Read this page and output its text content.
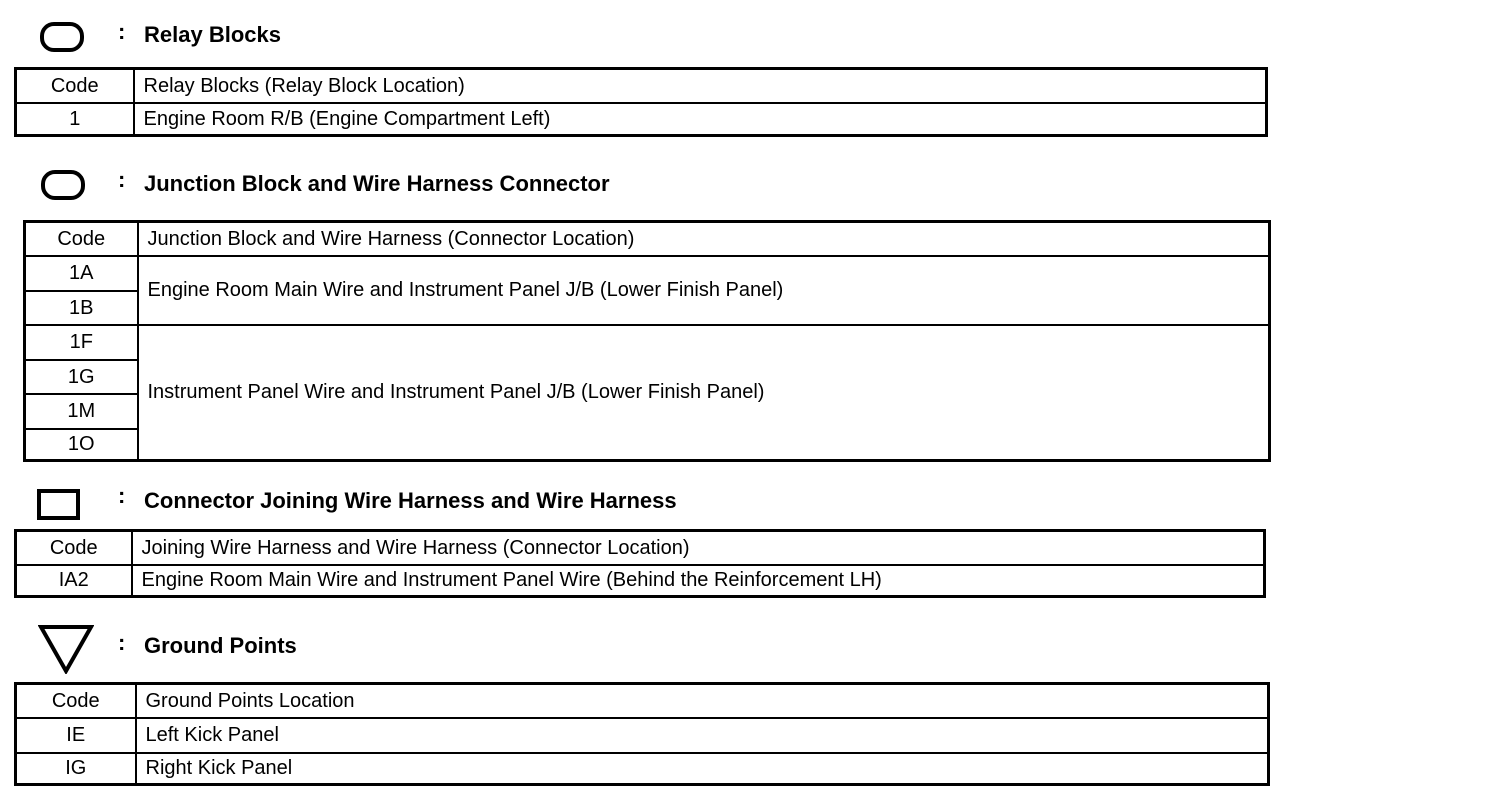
: Relay Blocks
Code	Relay Blocks (Relay Block Location)
1	Engine Room R/B (Engine Compartment Left)
: Junction Block and Wire Harness Connector
Code	Junction Block and Wire Harness (Connector Location)
1A	Engine Room Main Wire and Instrument Panel J/B (Lower Finish Panel)
1B	
1F	Instrument Panel Wire and Instrument Panel J/B (Lower Finish Panel)
1G	
1M	
1O	
: Connector Joining Wire Harness and Wire Harness
Code	Joining Wire Harness and Wire Harness (Connector Location)
IA2	Engine Room Main Wire and Instrument Panel Wire (Behind the Reinforcement LH)
: Ground Points
Code	Ground Points Location
IE	Left Kick Panel
IG	Right Kick Panel
